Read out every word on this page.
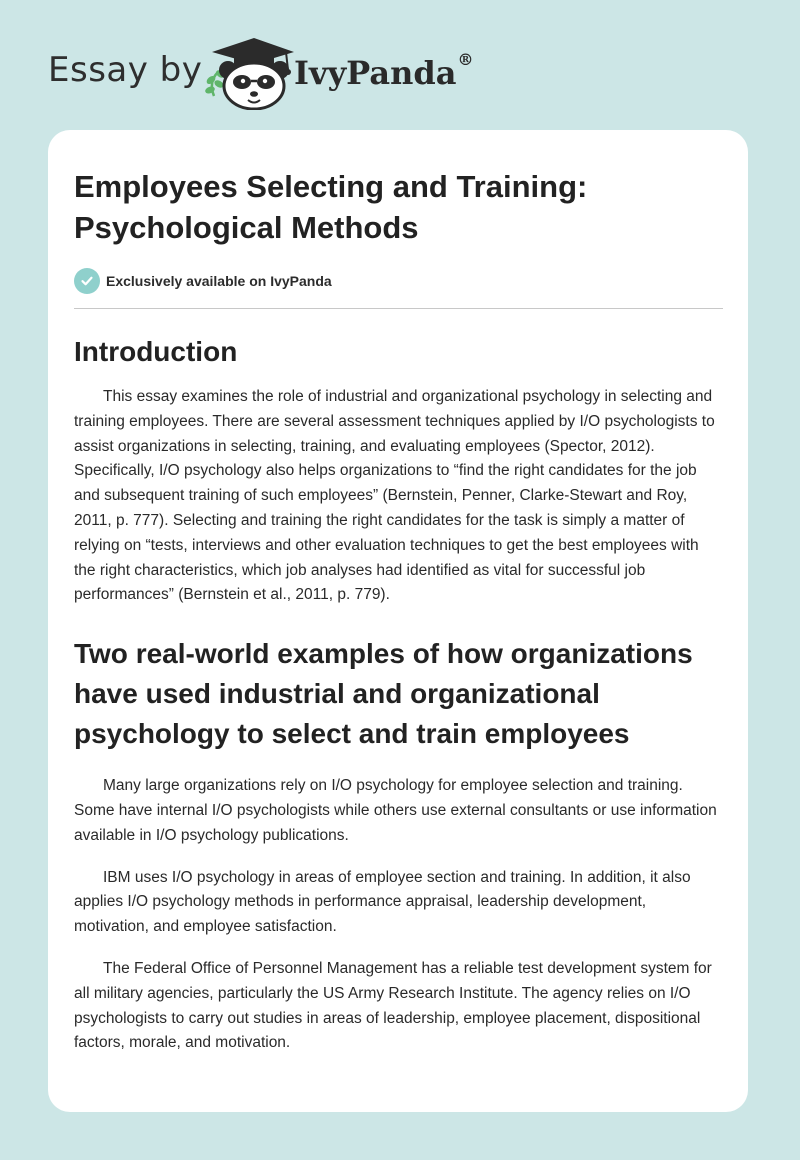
Essay by	IvyPanda®
Employees Selecting and Training: Psychological Methods
Exclusively available on IvyPanda
Introduction

This essay examines the role of industrial and organizational psychology in selecting and training employees. There are several assessment techniques applied by I/O psychologists to assist organizations in selecting, training, and evaluating employees (Spector, 2012). Specifically, I/O psychology also helps organizations to “find the right candidates for the job and subsequent training of such employees” (Bernstein, Penner, Clarke-Stewart and Roy, 2011, p. 777). Selecting and training the right candidates for the task is simply a matter of relying on “tests, interviews and other evaluation techniques to get the best employees with the right characteristics, which job analyses had identified as vital for successful job performances” (Bernstein et al., 2011, p. 779).

Two real-world examples of how organizations have used industrial and organizational psychology to select and train employees

Many large organizations rely on I/O psychology for employee selection and training. Some have internal I/O psychologists while others use external consultants or use information available in I/O psychology publications.

IBM uses I/O psychology in areas of employee section and training. In addition, it also applies I/O psychology methods in performance appraisal, leadership development, motivation, and employee satisfaction.

The Federal Office of Personnel Management has a reliable test development system for all military agencies, particularly the US Army Research Institute. The agency relies on I/O psychologists to carry out studies in areas of leadership, employee placement, dispositional factors, morale, and motivation.
